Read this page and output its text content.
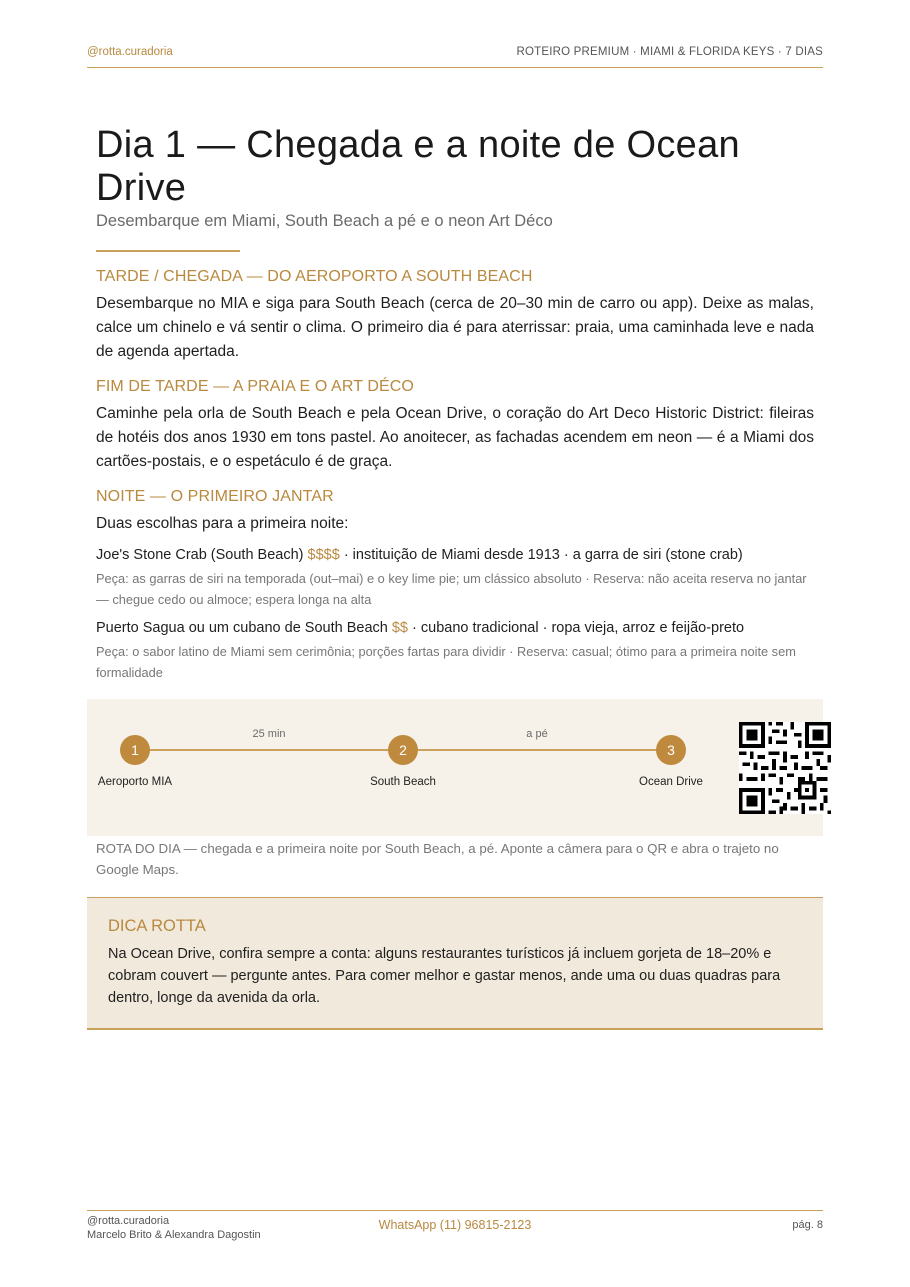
@rotta.curadoria	ROTEIRO PREMIUM · MIAMI & FLORIDA KEYS · 7 DIAS
Dia 1 — Chegada e a noite de Ocean Drive
Desembarque em Miami, South Beach a pé e o neon Art Déco
TARDE / CHEGADA — DO AEROPORTO A SOUTH BEACH

Desembarque no MIA e siga para South Beach (cerca de 20–30 min de carro ou app). Deixe as malas, calce um chinelo e vá sentir o clima. O primeiro dia é para aterrissar: praia, uma caminhada leve e nada de agenda apertada.

FIM DE TARDE — A PRAIA E O ART DÉCO

Caminhe pela orla de South Beach e pela Ocean Drive, o coração do Art Deco Historic District: fileiras de hotéis dos anos 1930 em tons pastel. Ao anoitecer, as fachadas acendem em neon — é a Miami dos cartões-postais, e o espetáculo é de graça.

NOITE — O PRIMEIRO JANTAR

Duas escolhas para a primeira noite:

Joe's Stone Crab (South Beach) $$$$ · instituição de Miami desde 1913 · a garra de siri (stone crab)
Peça: as garras de siri na temporada (out–mai) e o key lime pie; um clássico absoluto · Reserva: não aceita reserva no jantar — chegue cedo ou almoce; espera longa na alta
Puerto Sagua ou um cubano de South Beach $$ · cubano tradicional · ropa vieja, arroz e feijão-preto
Peça: o sabor latino de Miami sem cerimônia; porções fartas para dividir · Reserva: casual; ótimo para a primeira noite sem formalidade
25 min	a pé
1	2	3
Aeroporto MIA	South Beach	Ocean Drive
ROTA DO DIA — chegada e a primeira noite por South Beach, a pé. Aponte a câmera para o QR e abra o trajeto no Google Maps.
DICA ROTTA
Na Ocean Drive, confira sempre a conta: alguns restaurantes turísticos já incluem gorjeta de 18–20% e cobram couvert — pergunte antes. Para comer melhor e gastar menos, ande uma ou duas quadras para dentro, longe da avenida da orla.
@rotta.curadoria
Marcelo Brito & Alexandra Dagostin
WhatsApp (11) 96815-2123	pág. 8
